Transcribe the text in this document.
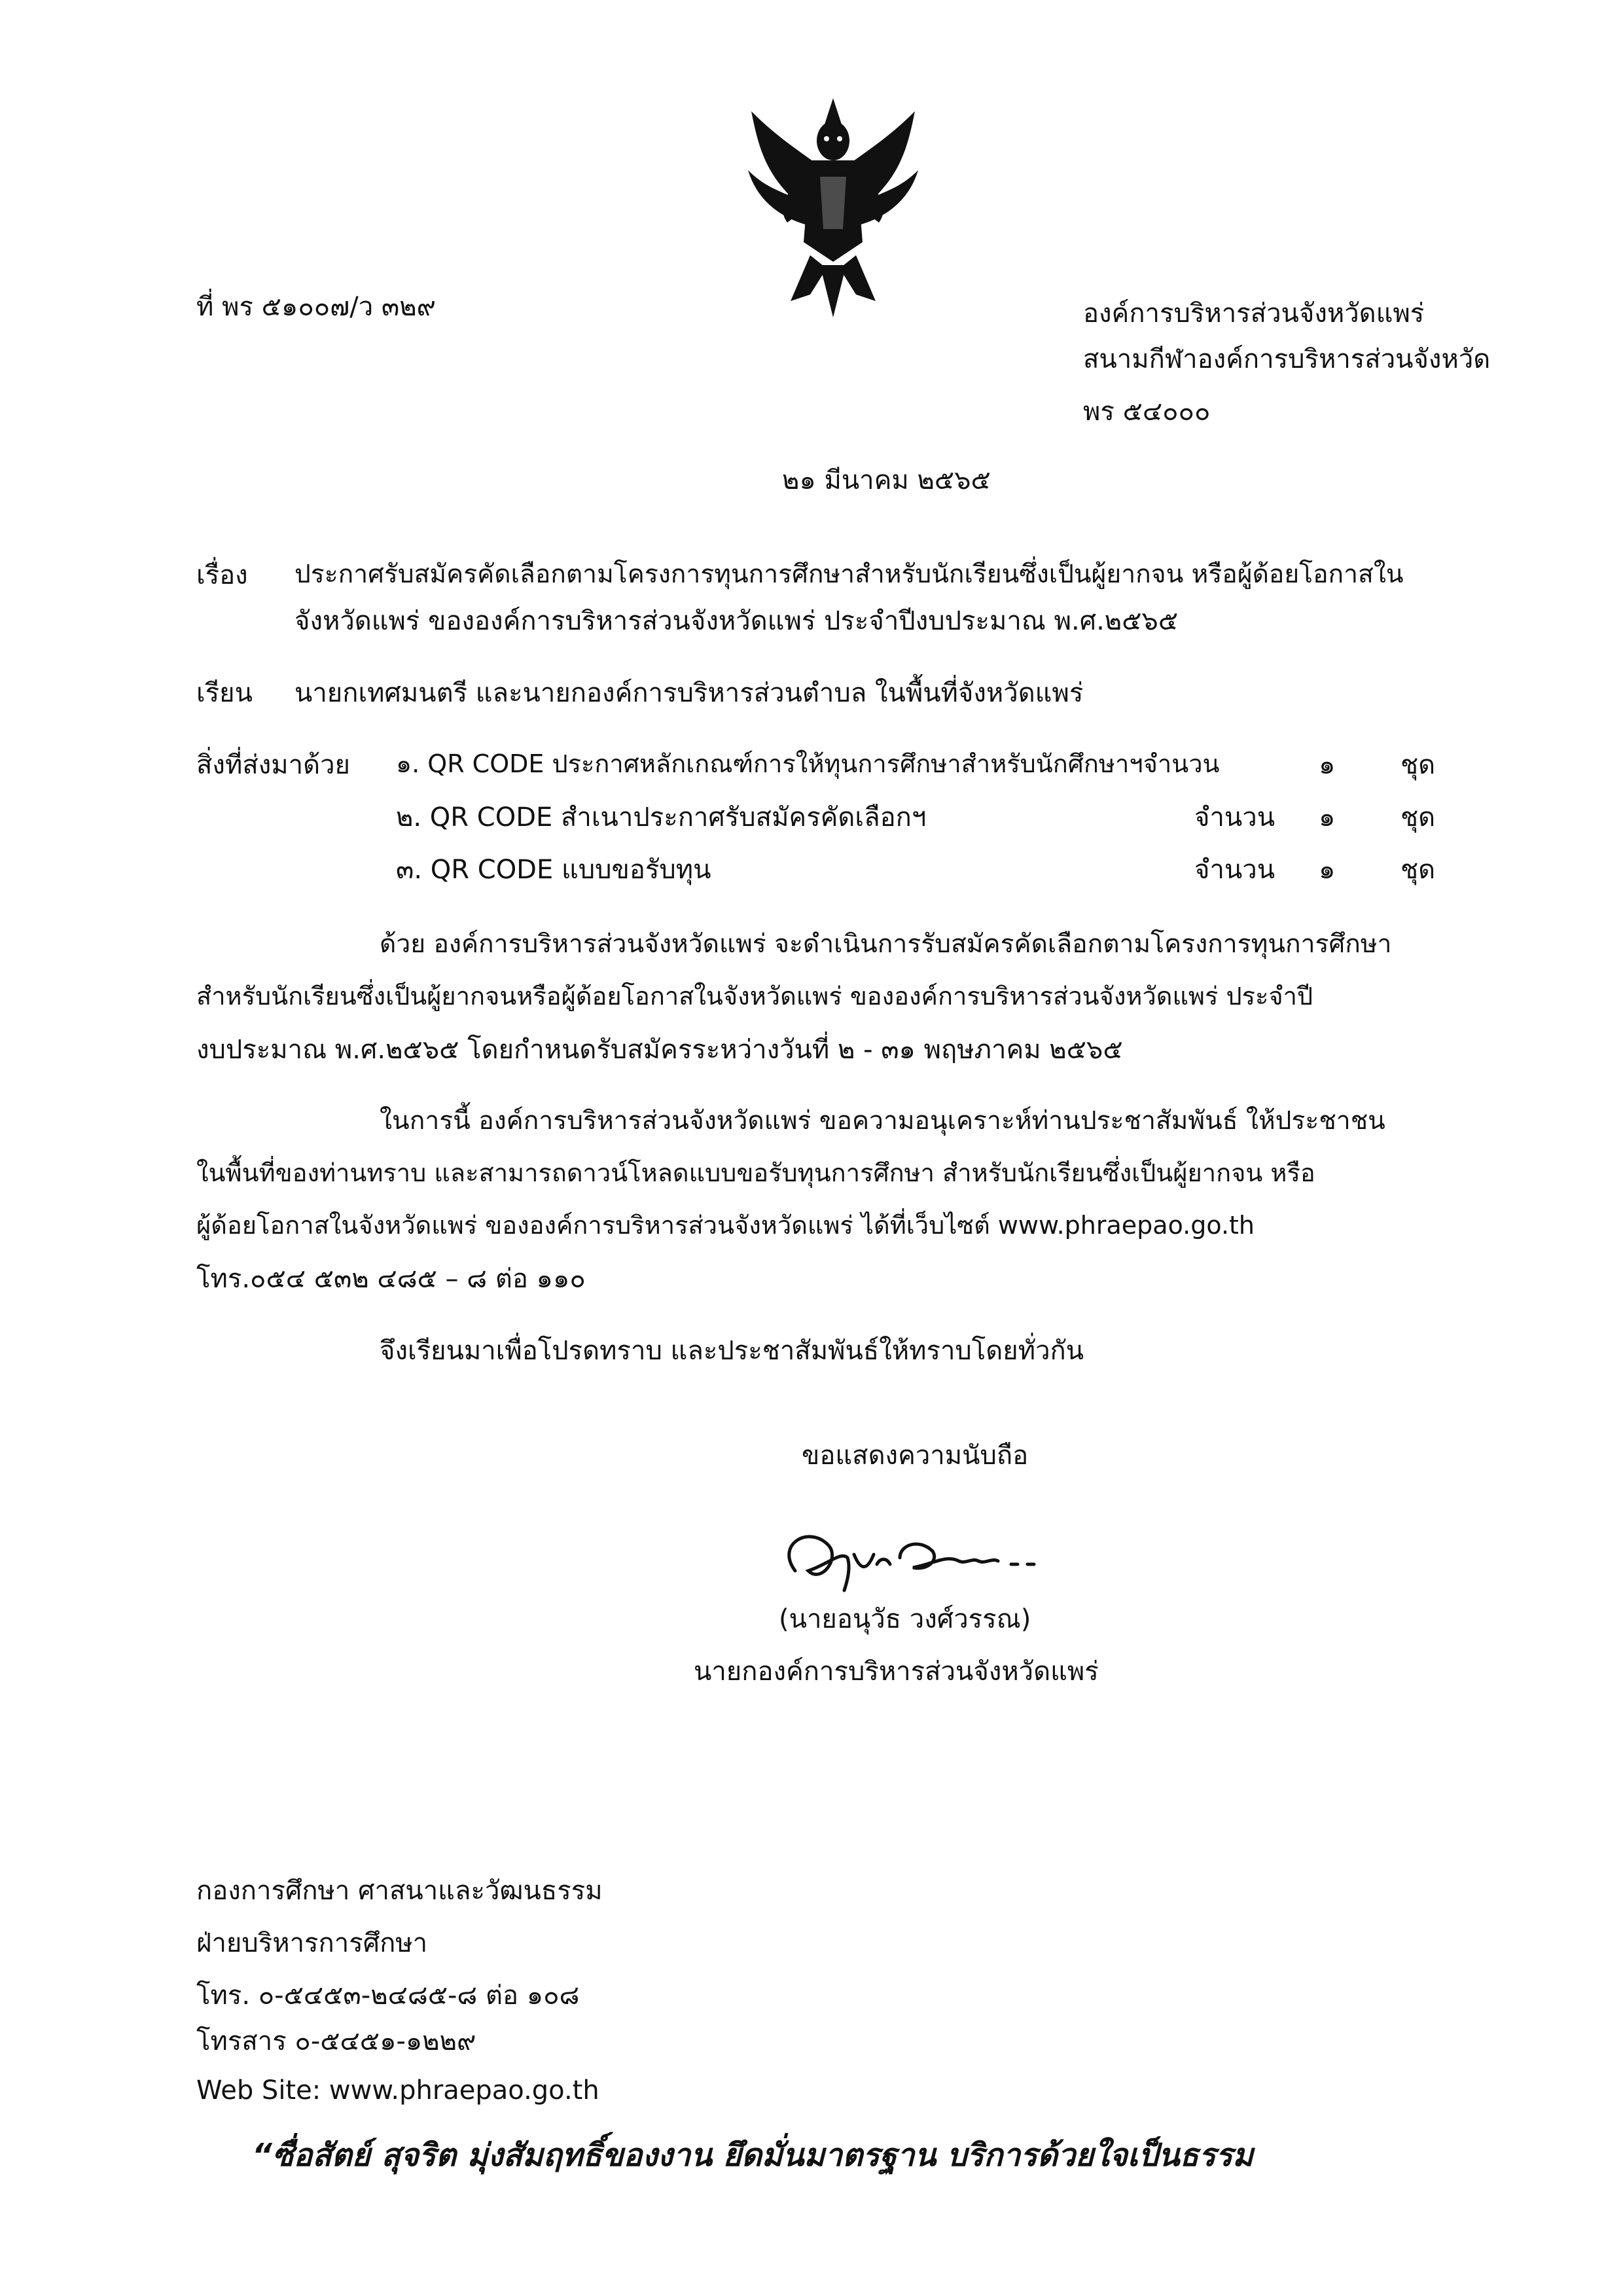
ที่ พร ๕๑๐๐๗/ว ๓๒๙	องค์การบริหารส่วนจังหวัดแพร่
สนามกีฬาองค์การบริหารส่วนจังหวัด
พร ๕๔๐๐๐
๒๑ มีนาคม ๒๕๖๕
เรื่อง ประกาศรับสมัครคัดเลือกตามโครงการทุนการศึกษาสำหรับนักเรียนซึ่งเป็นผู้ยากจน หรือผู้ด้อยโอกาสใน
จังหวัดแพร่ ขององค์การบริหารส่วนจังหวัดแพร่ ประจำปีงบประมาณ พ.ศ.๒๕๖๕
เรียน นายกเทศมนตรี และนายกองค์การบริหารส่วนตำบล ในพื้นที่จังหวัดแพร่
สิ่งที่ส่งมาด้วย ๑. QR CODE ประกาศหลักเกณฑ์การให้ทุนการศึกษาสำหรับนักศึกษาฯจำนวน	๑ ชุด
๒. QR CODE สำเนาประกาศรับสมัครคัดเลือกฯ	จำนวน ๑ ชุด
๓. QR CODE แบบขอรับทุน	จำนวน ๑ ชุด
ด้วย องค์การบริหารส่วนจังหวัดแพร่ จะดำเนินการรับสมัครคัดเลือกตามโครงการทุนการศึกษา
สำหรับนักเรียนซึ่งเป็นผู้ยากจนหรือผู้ด้อยโอกาสในจังหวัดแพร่ ขององค์การบริหารส่วนจังหวัดแพร่ ประจำปี
งบประมาณ พ.ศ.๒๕๖๕ โดยกำหนดรับสมัครระหว่างวันที่ ๒ - ๓๑ พฤษภาคม ๒๕๖๕
ในการนี้ องค์การบริหารส่วนจังหวัดแพร่ ขอความอนุเคราะห์ท่านประชาสัมพันธ์ ให้ประชาชน
ในพื้นที่ของท่านทราบ และสามารถดาวน์โหลดแบบขอรับทุนการศึกษา สำหรับนักเรียนซึ่งเป็นผู้ยากจน หรือ
ผู้ด้อยโอกาสในจังหวัดแพร่ ขององค์การบริหารส่วนจังหวัดแพร่ ได้ที่เว็บไซต์ www.phraepao.go.th
โทร.๐๕๔ ๕๓๒ ๔๘๕ – ๘ ต่อ ๑๑๐
จึงเรียนมาเพื่อโปรดทราบ และประชาสัมพันธ์ให้ทราบโดยทั่วกัน
ขอแสดงความนับถือ
(นายอนุวัธ วงศ์วรรณ)
นายกองค์การบริหารส่วนจังหวัดแพร่
กองการศึกษา ศาสนาและวัฒนธรรม
ฝ่ายบริหารการศึกษา
โทร. ๐-๕๔๕๓-๒๔๘๕-๘ ต่อ ๑๐๘
โทรสาร ๐-๕๔๕๑-๑๒๒๙
Web Site: www.phraepao.go.th
“ซื่อสัตย์ สุจริต มุ่งสัมฤทธิ์ของงาน ยึดมั่นมาตรฐาน บริการด้วยใจเป็นธรรม
